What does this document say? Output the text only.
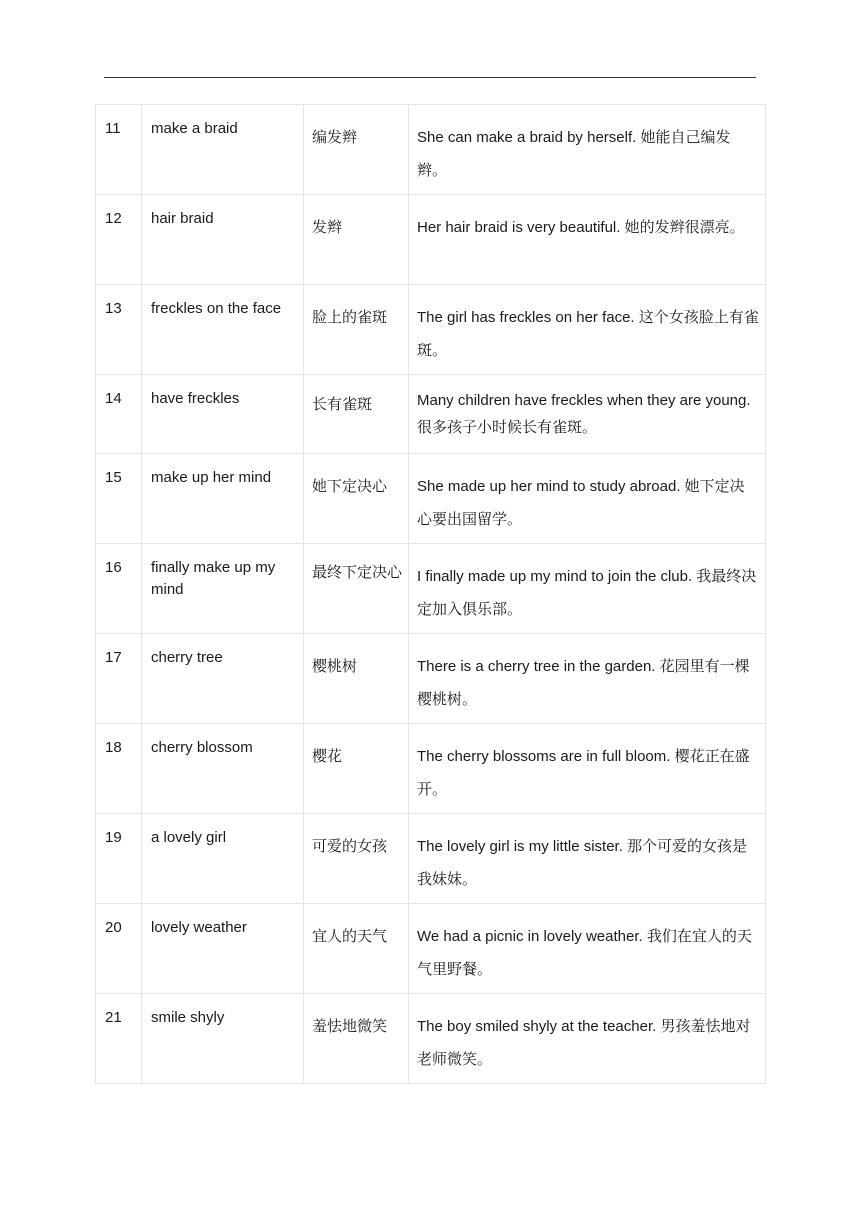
11	make a braid	编发辫	She can make a braid by herself. 她能自己编发辫。
12	hair braid	发辫	Her hair braid is very beautiful. 她的发辫很漂亮。
13	freckles on the face	脸上的雀斑	The girl has freckles on her face. 这个女孩脸上有雀斑。
14	have freckles	长有雀斑	Many children have freckles when they are young. 很多孩子小时候长有雀斑。
15	make up her mind	她下定决心	She made up her mind to study abroad. 她下定决心要出国留学。
16	finally make up my mind	最终下定决心	I finally made up my mind to join the club. 我最终决定加入俱乐部。
17	cherry tree	樱桃树	There is a cherry tree in the garden. 花园里有一棵樱桃树。
18	cherry blossom	樱花	The cherry blossoms are in full bloom. 樱花正在盛开。
19	a lovely girl	可爱的女孩	The lovely girl is my little sister. 那个可爱的女孩是我妹妹。
20	lovely weather	宜人的天气	We had a picnic in lovely weather. 我们在宜人的天气里野餐。
21	smile shyly	羞怯地微笑	The boy smiled shyly at the teacher. 男孩羞怯地对老师微笑。
